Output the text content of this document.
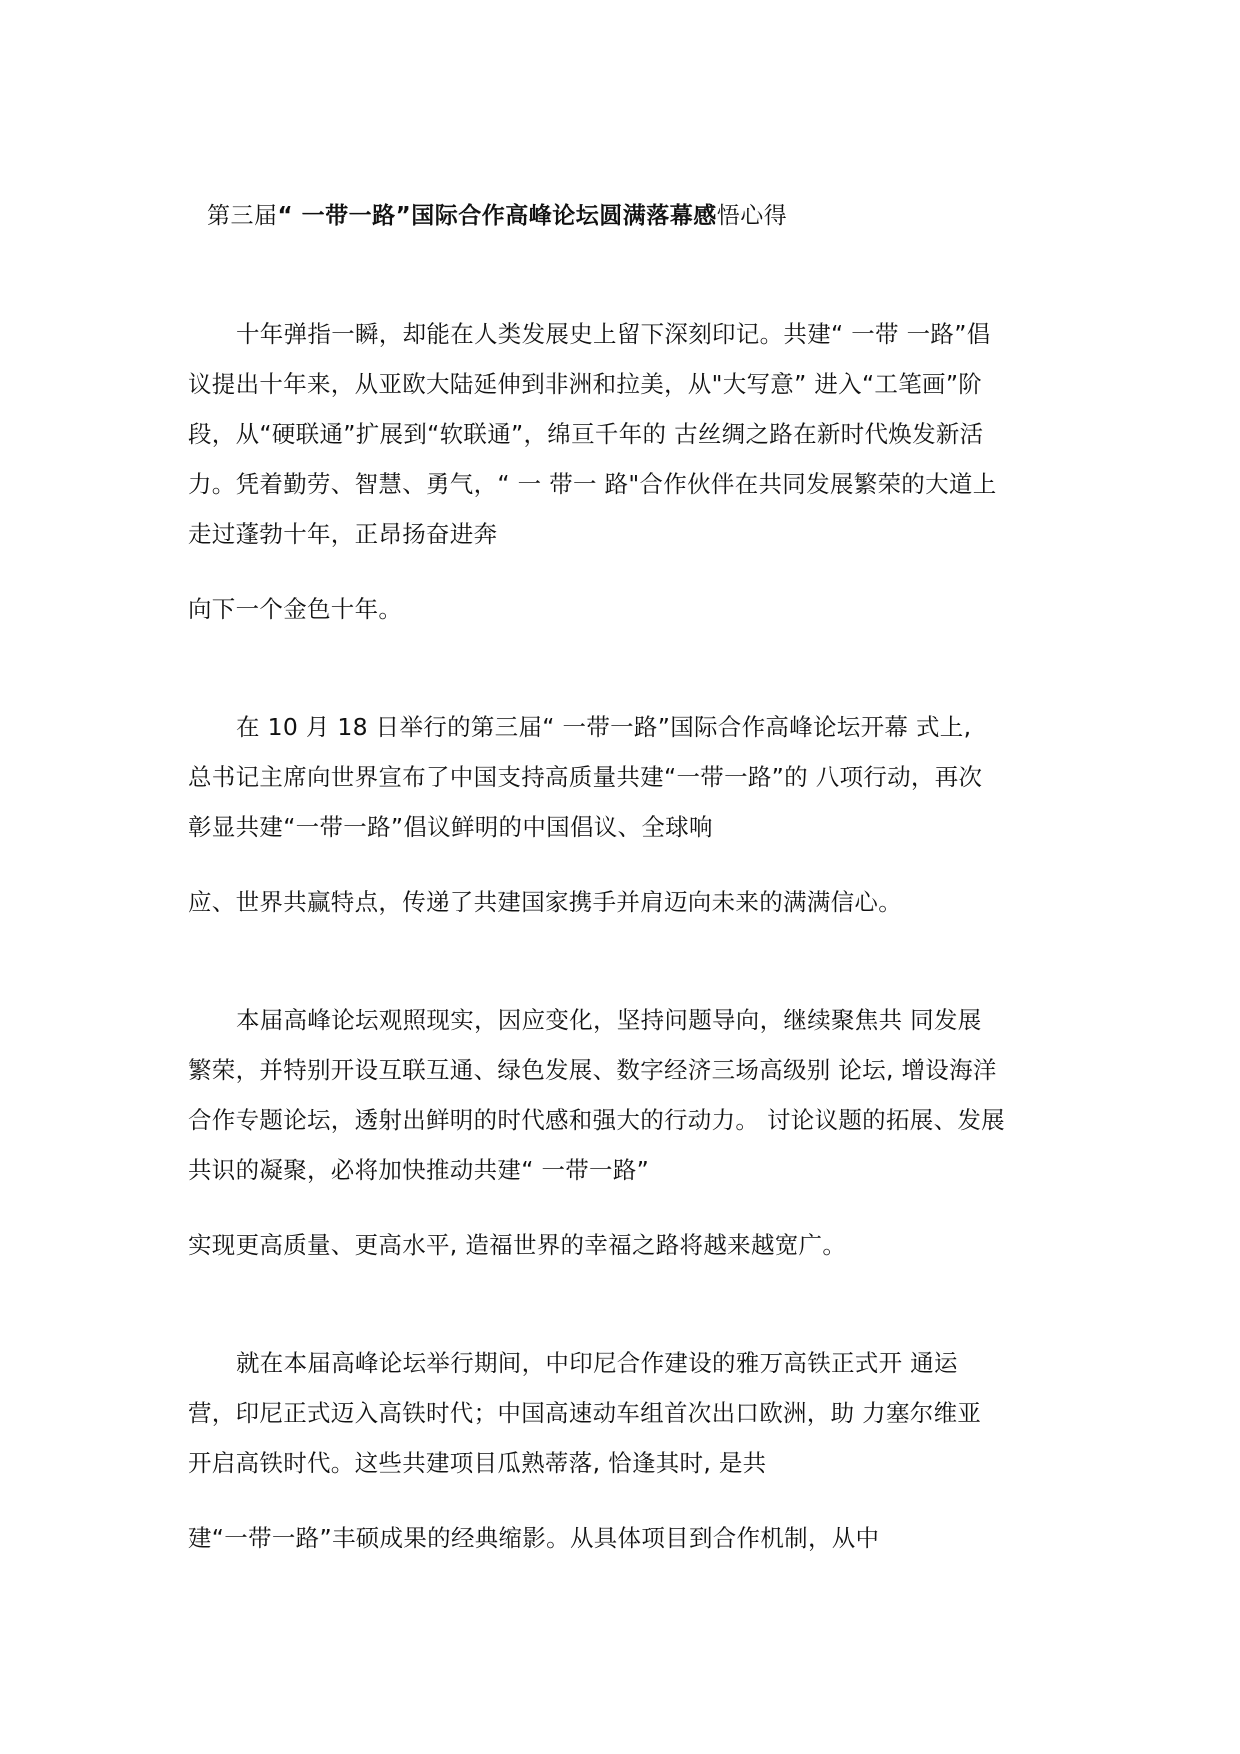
第三届“ 一带一路”国际合作高峰论坛圆满落幕感悟心得
十年弹指一瞬，却能在人类发展史上留下深刻印记。共建“ 一带 一路”倡
议提出十年来，从亚欧大陆延伸到非洲和拉美，从"大写意” 进入“工笔画”阶
段，从“硬联通”扩展到“软联通”，绵亘千年的 古丝绸之路在新时代焕发新活
力。凭着勤劳、智慧、勇气，“ 一 带一 路"合作伙伴在共同发展繁荣的大道上
走过蓬勃十年，正昂扬奋进奔
向下一个金色十年。
在 10 月 18 日举行的第三届“ 一带一路”国际合作高峰论坛开幕 式上,
总书记主席向世界宣布了中国支持高质量共建“一带一路”的 八项行动，再次
彰显共建“一带一路”倡议鲜明的中国倡议、全球响
应、世界共赢特点，传递了共建国家携手并肩迈向未来的满满信心。
本届高峰论坛观照现实，因应变化，坚持问题导向，继续聚焦共 同发展
繁荣，并特别开设互联互通、绿色发展、数字经济三场高级别 论坛, 增设海洋
合作专题论坛，透射出鲜明的时代感和强大的行动力。 讨论议题的拓展、发展
共识的凝聚，必将加快推动共建“ 一带一路”
实现更高质量、更高水平, 造福世界的幸福之路将越来越宽广。
就在本届高峰论坛举行期间，中印尼合作建设的雅万高铁正式开 通运
营，印尼正式迈入高铁时代；中国高速动车组首次出口欧洲，助 力塞尔维亚
开启高铁时代。这些共建项目瓜熟蒂落, 恰逢其时, 是共
建“一带一路”丰硕成果的经典缩影。从具体项目到合作机制，从中
